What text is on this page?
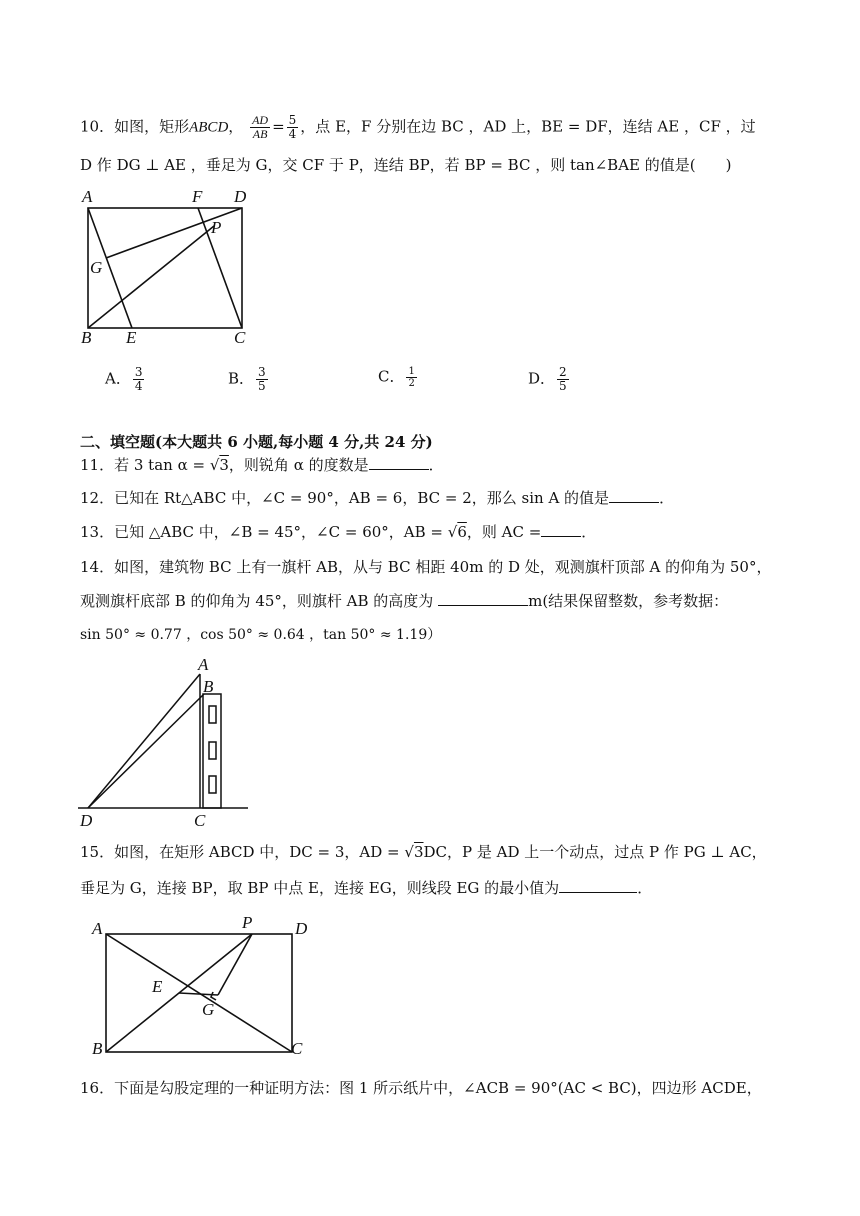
10．如图，矩形ABCD， $\frac{AD}{AB} = \frac{5}{4}$ ，点 E，F 分别在边 BC ，AD 上，BE = DF，连结 AE ，CF ，过
D 作 DG ⊥ AE ，垂足为 G，交 CF 于 P，连结 BP，若 BP = BC ，则 tan∠BAE 的值是(　　)
A	F D
P
G
B E	C
A． $\frac{3}{4}$	B． $\frac{3}{5}$	C． $\frac{1}{2}$	D． $\frac{2}{5}$
二、填空题(本大题共 6 小题,每小题 4 分,共 24 分)
11．若 3 tan α = √3，则锐角 α 的度数是	．
12．已知在 Rt△ABC 中，∠C = 90°，AB = 6，BC = 2，那么 sin A 的值是	．
13．已知 △ABC 中，∠B = 45°，∠C = 60°，AB = √6，则 AC =	．
14．如图，建筑物 BC 上有一旗杆 AB，从与 BC 相距 40m 的 D 处，观测旗杆顶部 A 的仰角为 50°，
观测旗杆底部 B 的仰角为 45°，则旗杆 AB 的高度为	m(结果保留整数，参考数据：
sin 50° ≈ 0.77 ，cos 50° ≈ 0.64 ，tan 50° ≈ 1.19）
A
B
D	C
15．如图，在矩形 ABCD 中，DC = 3，AD = √3DC，P 是 AD 上一个动点，过点 P 作 PG ⊥ AC，
垂足为 G，连接 BP，取 BP 中点 E，连接 EG，则线段 EG 的最小值为	．
A	P	D
E
G
B	C
16．下面是勾股定理的一种证明方法：图 1 所示纸片中，∠ACB = 90°(AC < BC)，四边形 ACDE，
